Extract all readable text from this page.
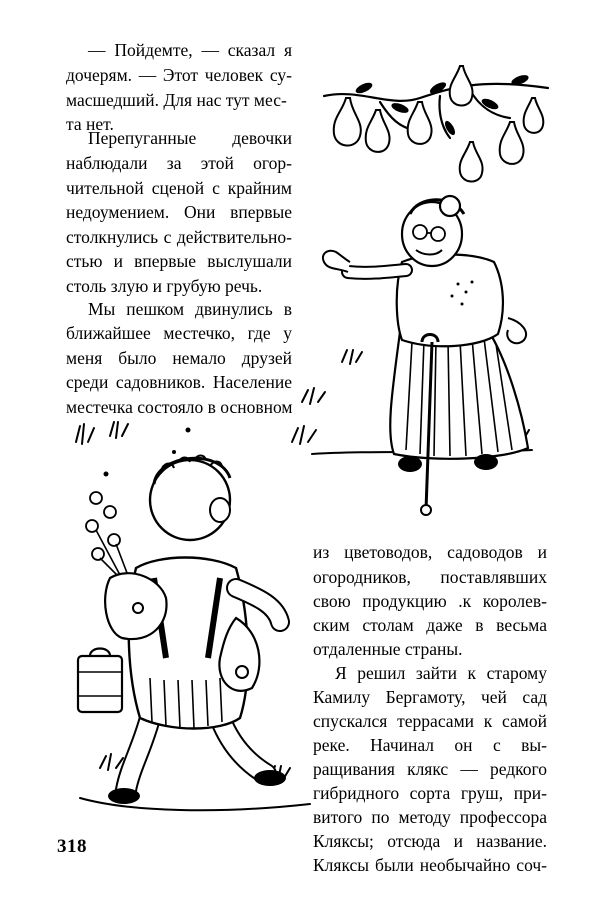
— Пойдемте, — сказал я
дочерям. — Этот человек су-
масшедший. Для нас тут мес-
та нет.
Перепуганные девочки
наблюдали за этой огор-
чительной сценой с крайним
недоумением. Они впервые
столкнулись с действительно-
стью и впервые выслушали
столь злую и грубую речь.
Мы пешком двинулись в
ближайшее местечко, где у
меня было немало друзей
среди садовников. Население
местечка состояло в основном
из цветоводов, садоводов и
огородников, поставлявших
свою продукцию .к королев-
ским столам даже в весьма
отдаленные страны.
Я решил зайти к старому
Камилу Бергамоту, чей сад
спускался террасами к самой
реке. Начинал он с вы-
ращивания клякс — редкого
гибридного сорта груш, при-
витого по методу профессора
Кляксы; отсюда и название.
Кляксы были необычайно соч-
318
